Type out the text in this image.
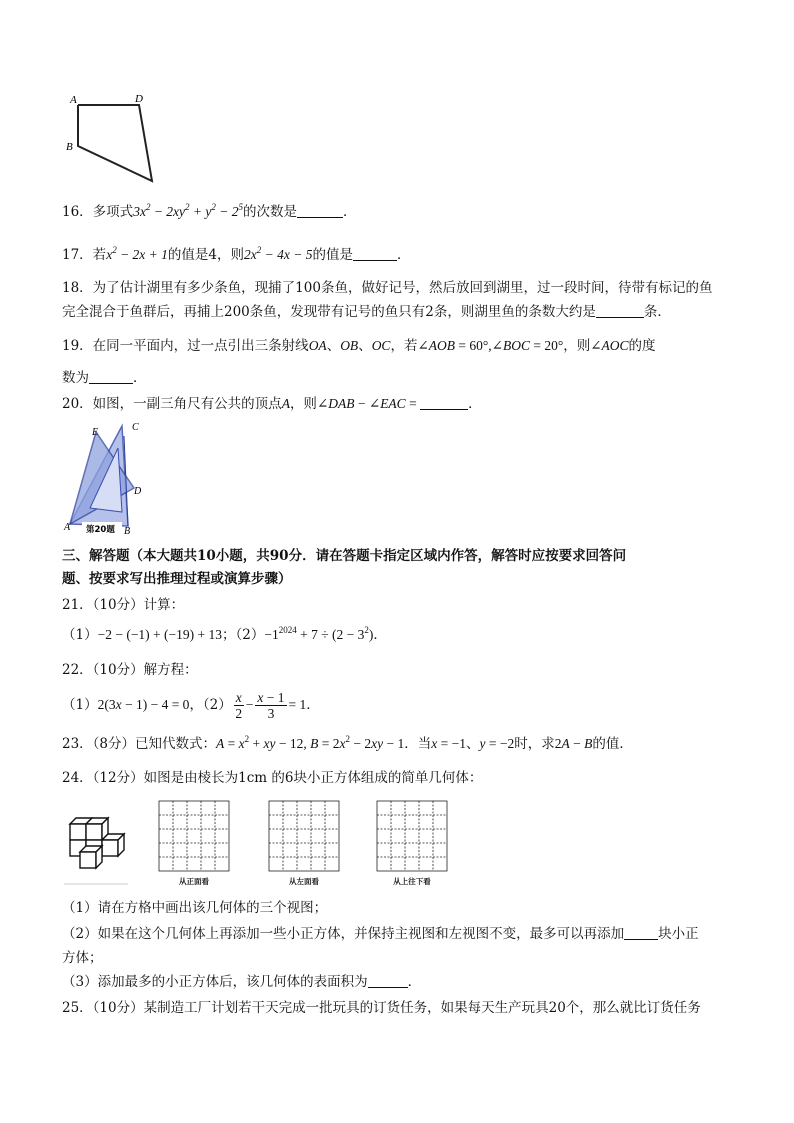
A	D
B
16．多项式$3x^2 - 2xy^2 + y^2 - 2^5$的次数是	．
17．若$x^2 - 2x + 1$的值是4，则$2x^2 - 4x - 5$的值是	．
18．为了估计湖里有多少条鱼，现捕了100条鱼，做好记号，然后放回到湖里，过一段时间，待带有标记的鱼
完全混合于鱼群后，再捕上200条鱼，发现带有记号的鱼只有2条，则湖里鱼的条数大约是	条．
19．在同一平面内，过一点引出三条射线OA、OB、OC，若∠AOB = 60°,∠BOC = 20°，则∠AOC的度
数为	．
20．如图，一副三角尺有公共的顶点A，则∠DAB − ∠EAC =	．
第20题
E	C
D
A	B
三、解答题（本大题共10小题，共90分．请在答题卡指定区域内作答，解答时应按要求回答问
题、按要求写出推理过程或演算步骤）
21．（10分）计算：
（1）−2 − (−1) + (−19) + 13；$(2)-1^{2024} + 7 \div (2 - 3^2)$．
22．（10分）解方程：
（1）2(3x − 1) − 4 = 0，$(2) \frac{x}{2} - \frac{x - 1}{3} = 1$．
23．（8分）已知代数式：$A = x^2$ + xy − 12, $B = 2x^2 - 2xy - 1$．当x = −1、y = −2时，求2A − B的值．
24．（12分）如图是由棱长为1cm 的6块小正方体组成的简单几何体：
从正面看	从左面看	从上往下看
（1）请在方格中画出该几何体的三个视图；
（2）如果在这个几何体上再添加一些小正方体，并保持主视图和左视图不变，最多可以再添加	块小正
方体；
（3）添加最多的小正方体后，该几何体的表面积为	．
25．（10分）某制造工厂计划若干天完成一批玩具的订货任务，如果每天生产玩具20个，那么就比订货任务
